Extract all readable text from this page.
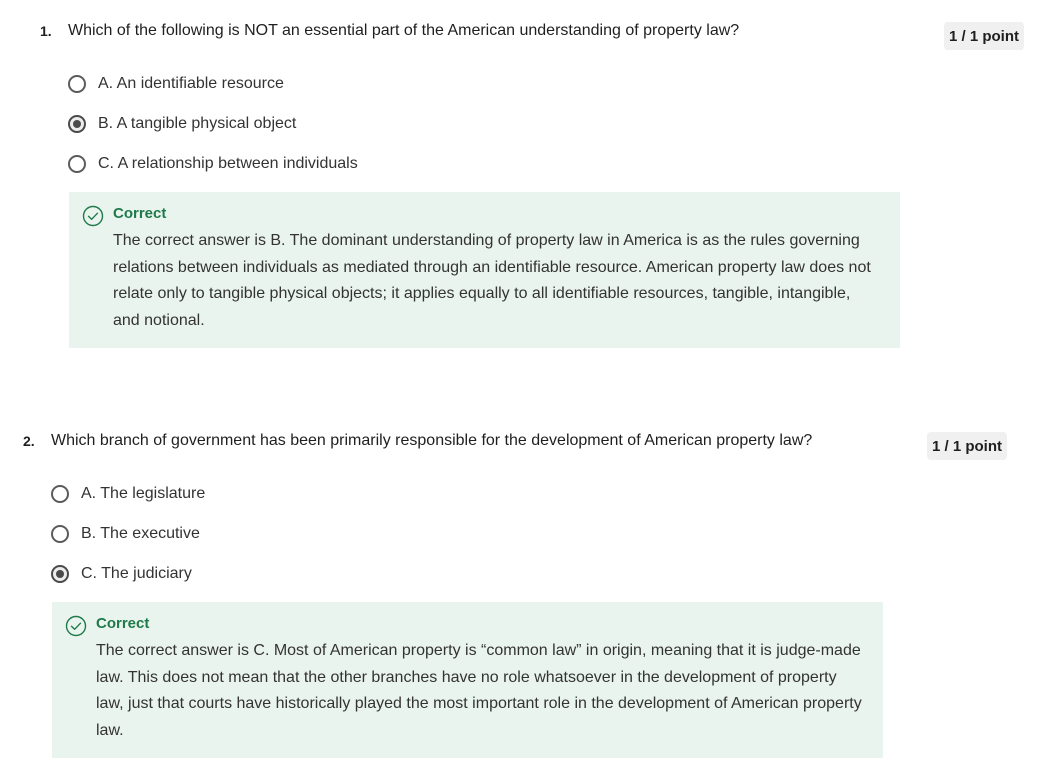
1. Which of the following is NOT an essential part of the American understanding of property law?	1 / 1 point
A. An identifiable resource
B. A tangible physical object
C. A relationship between individuals
Correct
The correct answer is B. The dominant understanding of property law in America is as the rules governing relations between individuals as mediated through an identifiable resource. American property law does not relate only to tangible physical objects; it applies equally to all identifiable resources, tangible, intangible, and notional.
2. Which branch of government has been primarily responsible for the development of American property law?	1 / 1 point
A. The legislature
B. The executive
C. The judiciary
Correct
The correct answer is C. Most of American property is “common law” in origin, meaning that it is judge-made law. This does not mean that the other branches have no role whatsoever in the development of property law, just that courts have historically played the most important role in the development of American property law.
